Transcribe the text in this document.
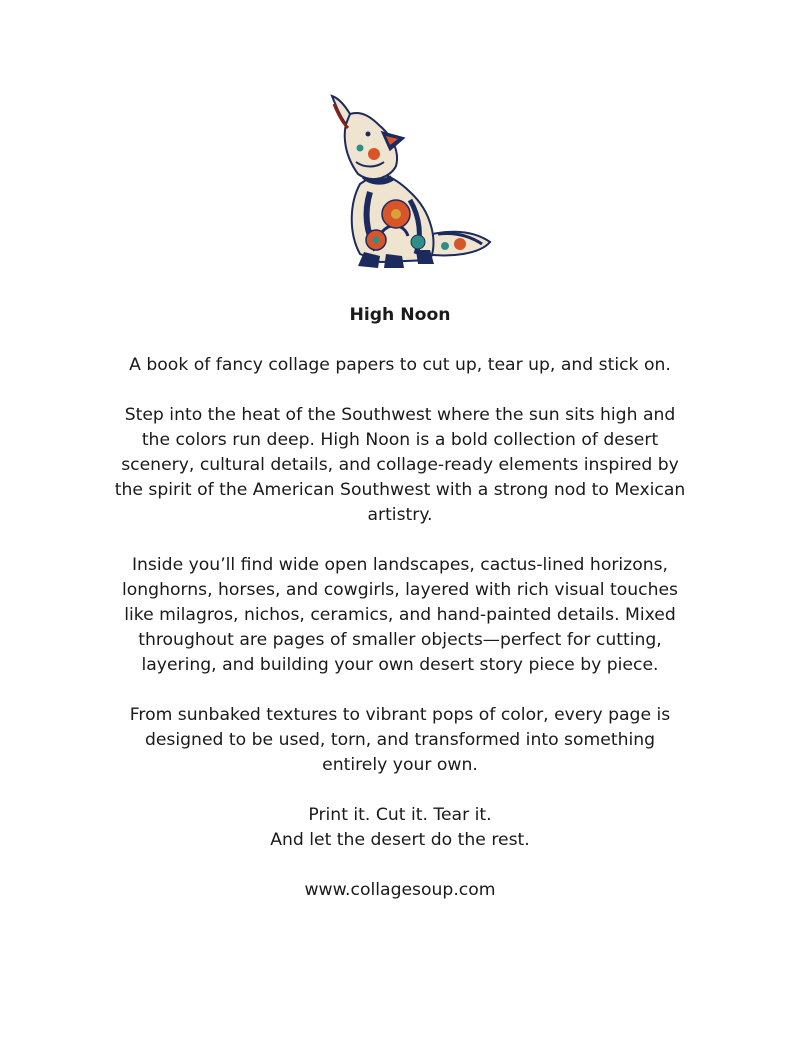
High Noon
A book of fancy collage papers to cut up, tear up, and stick on.
Step into the heat of the Southwest where the sun sits high and
the colors run deep. High Noon is a bold collection of desert
scenery, cultural details, and collage-ready elements inspired by
the spirit of the American Southwest with a strong nod to Mexican
artistry.
Inside you’ll find wide open landscapes, cactus-lined horizons,
longhorns, horses, and cowgirls, layered with rich visual touches
like milagros, nichos, ceramics, and hand-painted details. Mixed
throughout are pages of smaller objects—perfect for cutting,
layering, and building your own desert story piece by piece.
From sunbaked textures to vibrant pops of color, every page is
designed to be used, torn, and transformed into something
entirely your own.
Print it. Cut it. Tear it.
And let the desert do the rest.
www.collagesoup.com
